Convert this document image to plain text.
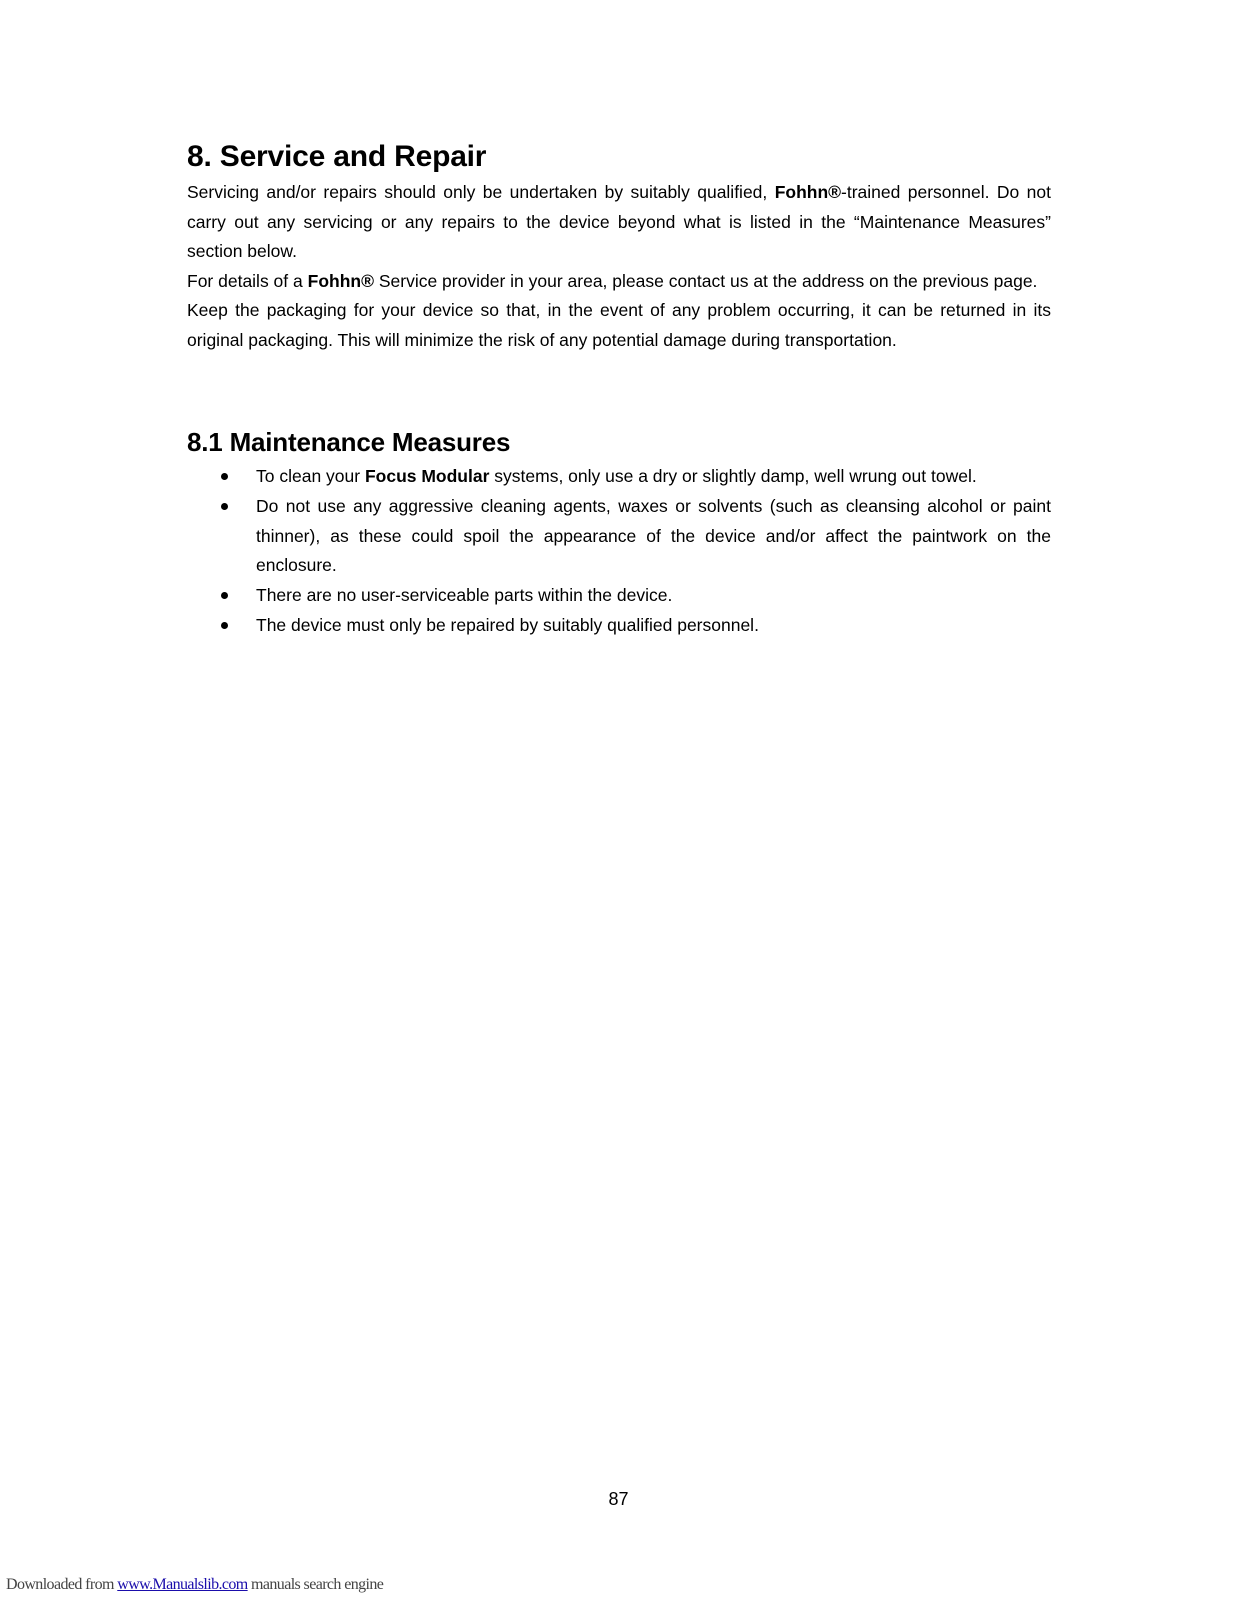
8. Service and Repair

Servicing and/or repairs should only be undertaken by suitably qualified, Fohhn®-trained personnel. Do not carry out any servicing or any repairs to the device beyond what is listed in the “Maintenance Measures” section below.

For details of a Fohhn® Service provider in your area, please contact us at the address on the previous page.

Keep the packaging for your device so that, in the event of any problem occurring, it can be returned in its original packaging. This will minimize the risk of any potential damage during transportation.

8.1 Maintenance Measures
To clean your Focus Modular systems, only use a dry or slightly damp, well wrung out towel.
Do not use any aggressive cleaning agents, waxes or solvents (such as cleansing alcohol or paint thinner), as these could spoil the appearance of the device and/or affect the paintwork on the enclosure.
There are no user-serviceable parts within the device.
The device must only be repaired by suitably qualified personnel.
87
Downloaded from www.Manualslib.com manuals search engine
